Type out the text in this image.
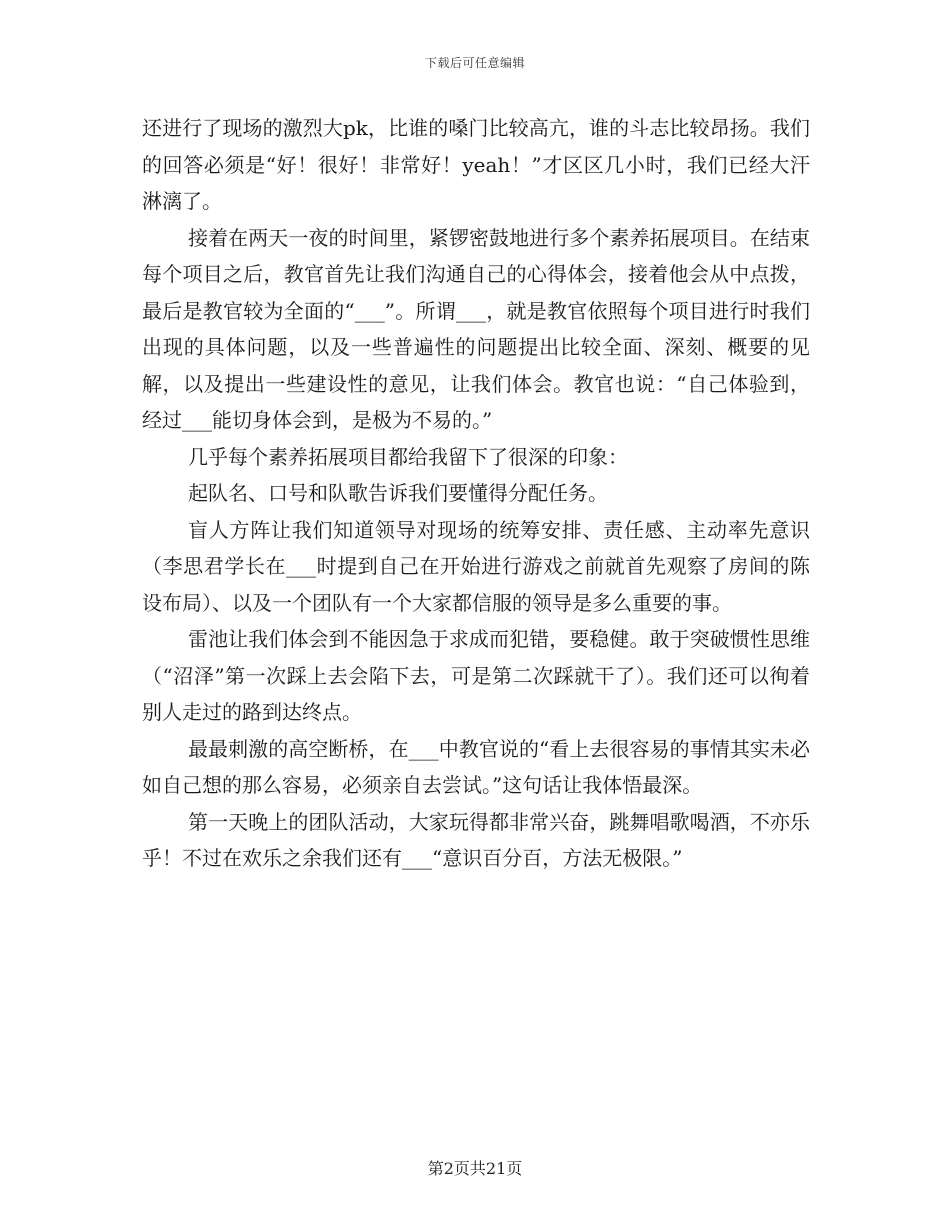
下载后可任意编辑

还进行了现场的激烈大pk，比谁的嗓门比较高亢，谁的斗志比较昂扬。我们的回答必须是“好！很好！非常好！yeah！”才区区几小时，我们已经大汗淋漓了。

接着在两天一夜的时间里，紧锣密鼓地进行多个素养拓展项目。在结束每个项目之后，教官首先让我们沟通自己的心得体会，接着他会从中点拨，最后是教官较为全面的“___”。所谓___，就是教官依照每个项目进行时我们出现的具体问题，以及一些普遍性的问题提出比较全面、深刻、概要的见解，以及提出一些建设性的意见，让我们体会。教官也说：“自己体验到，经过___能切身体会到，是极为不易的。”

几乎每个素养拓展项目都给我留下了很深的印象：

起队名、口号和队歌告诉我们要懂得分配任务。

盲人方阵让我们知道领导对现场的统筹安排、责任感、主动率先意识（李思君学长在___时提到自己在开始进行游戏之前就首先观察了房间的陈设布局）、以及一个团队有一个大家都信服的领导是多么重要的事。

雷池让我们体会到不能因急于求成而犯错，要稳健。敢于突破惯性思维（“沼泽”第一次踩上去会陷下去，可是第二次踩就干了）。我们还可以徇着别人走过的路到达终点。

最最刺激的高空断桥，在___中教官说的“看上去很容易的事情其实未必如自己想的那么容易，必须亲自去尝试。”这句话让我体悟最深。

第一天晚上的团队活动，大家玩得都非常兴奋，跳舞唱歌喝酒，不亦乐乎！不过在欢乐之余我们还有___“意识百分百，方法无极限。”

第2页共21页
